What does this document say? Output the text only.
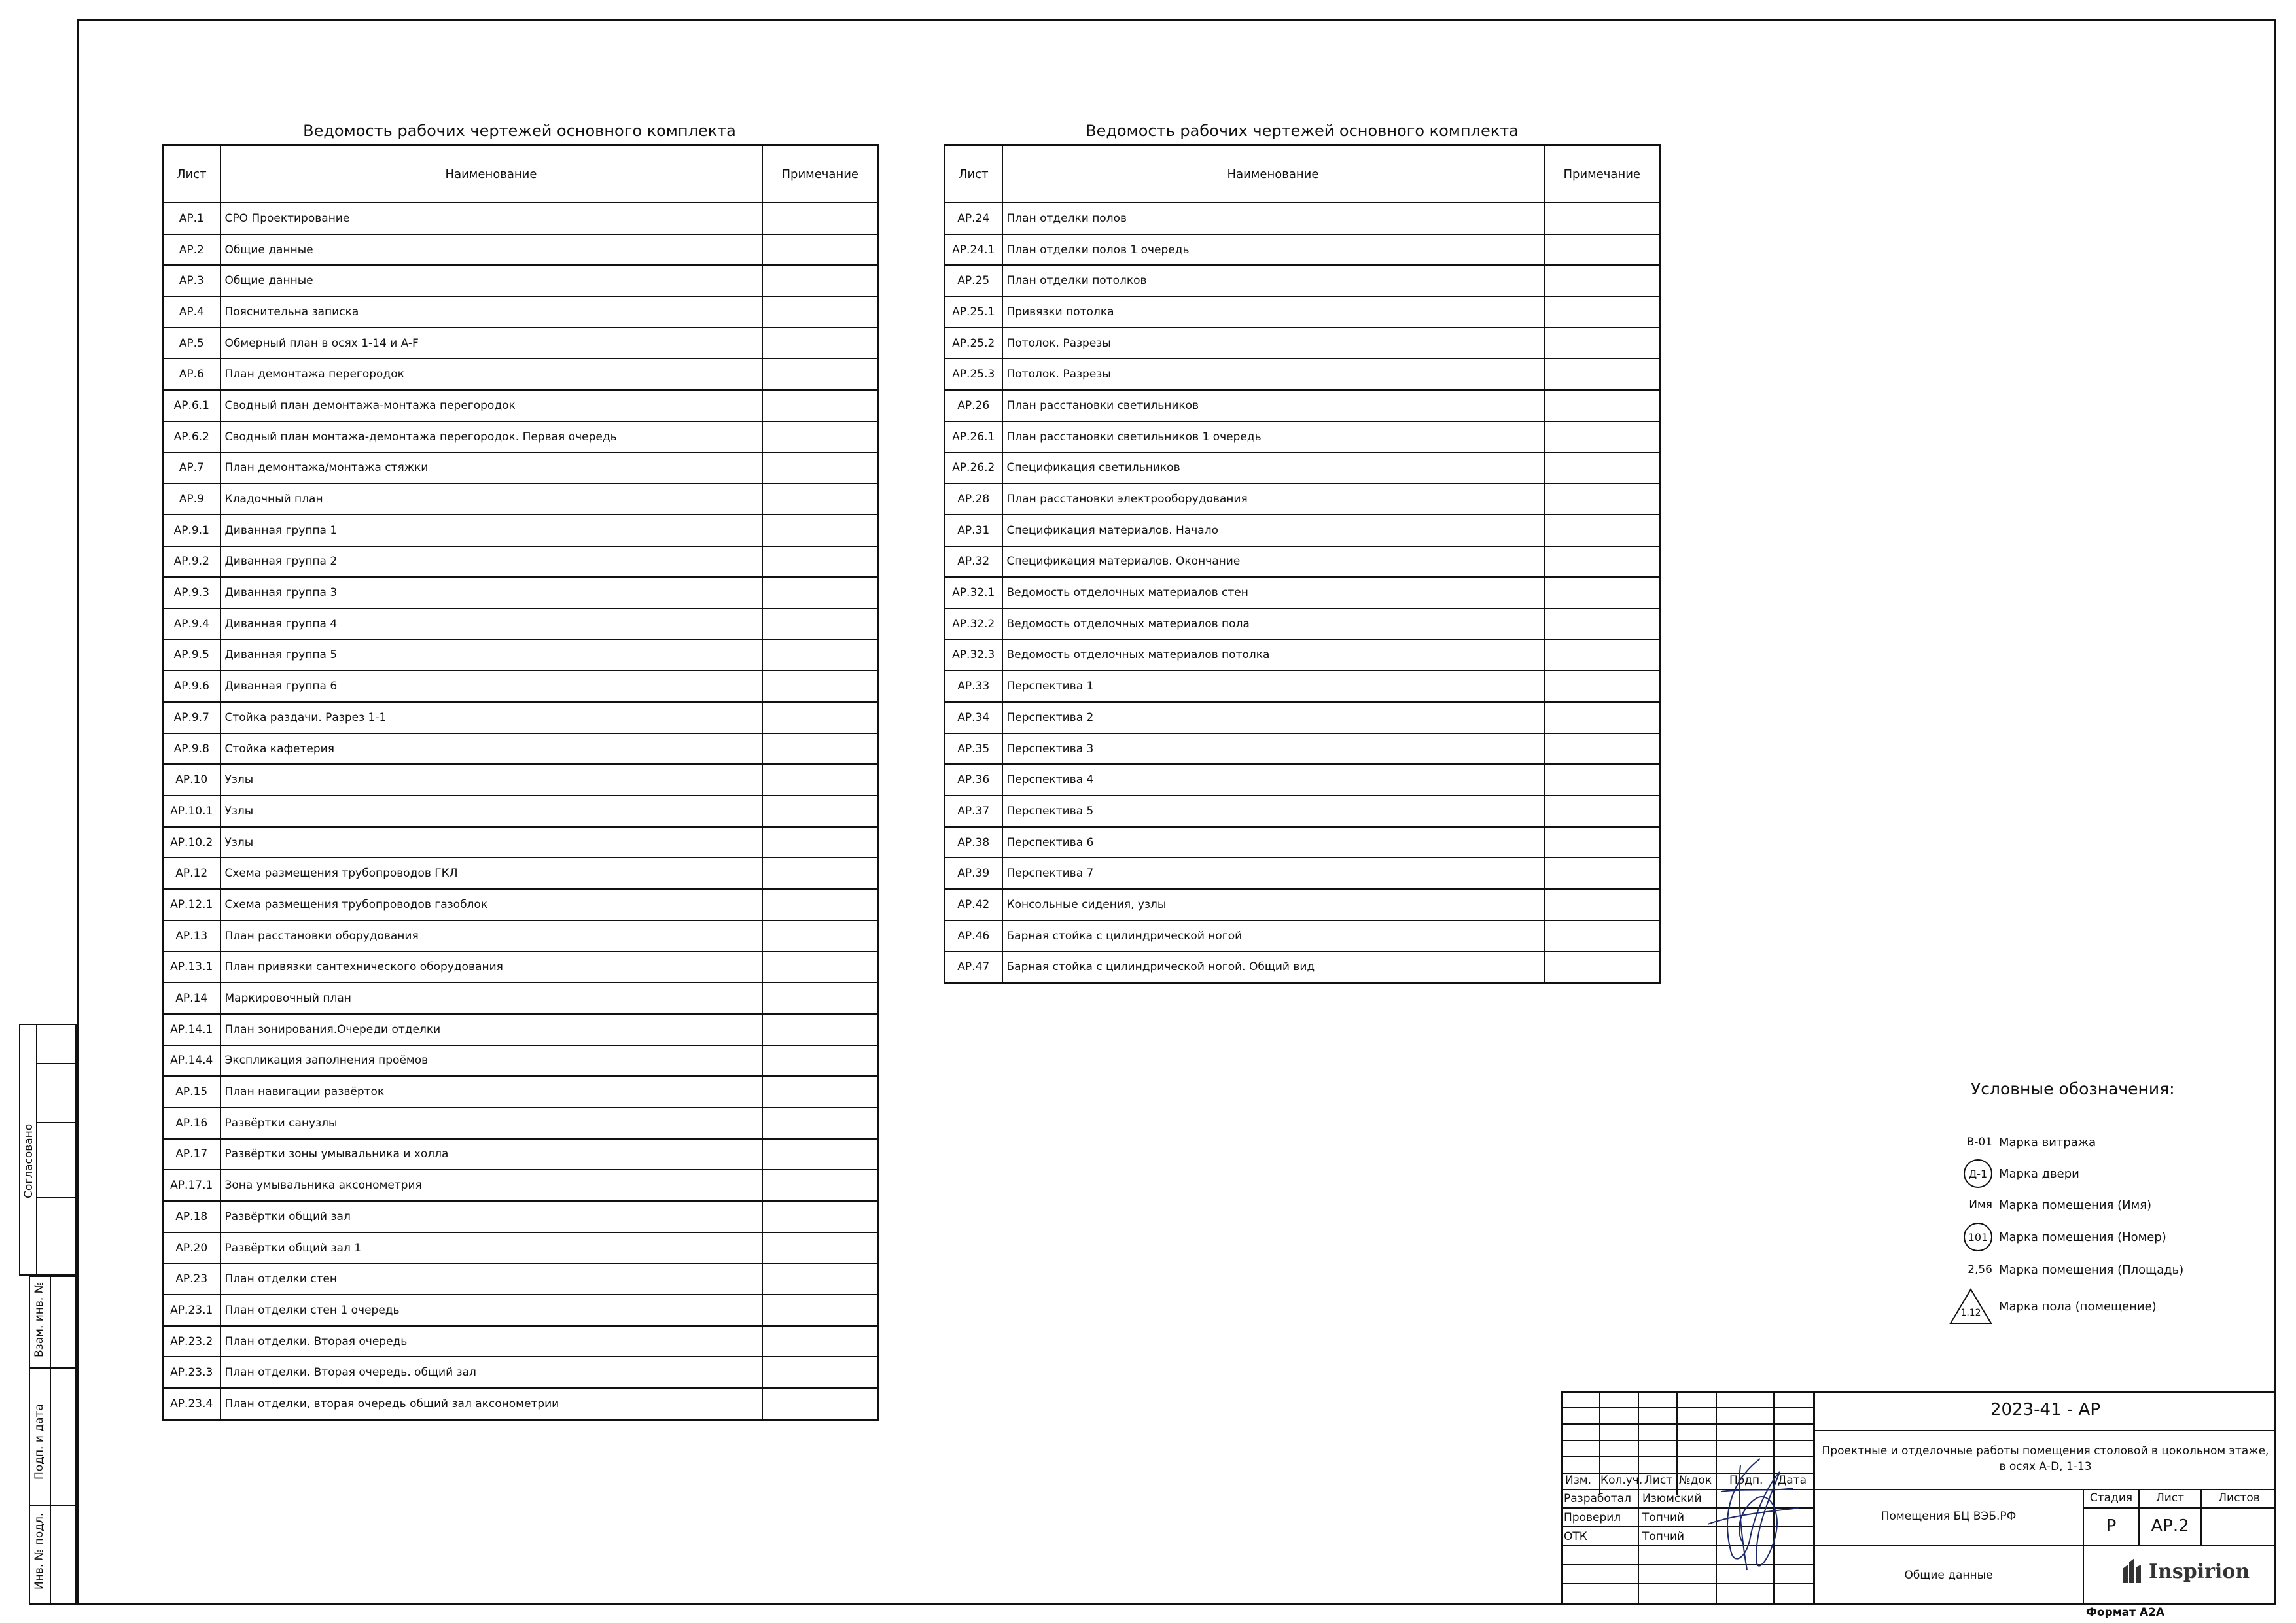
Ведомость рабочих чертежей основного комплекта
Лист	Наименование	Примечание
АР.1	СРО Проектирование	
АР.2	Общие данные	
АР.3	Общие данные	
АР.4	Пояснительна записка	
АР.5	Обмерный план в осях 1-14 и A-F	
АР.6	План демонтажа перегородок	
АР.6.1	Сводный план демонтажа-монтажа перегородок	
АР.6.2	Сводный план монтажа-демонтажа перегородок. Первая очередь	
АР.7	План демонтажа/монтажа стяжки	
АР.9	Кладочный план	
АР.9.1	Диванная группа 1	
АР.9.2	Диванная группа 2	
АР.9.3	Диванная группа 3	
АР.9.4	Диванная группа 4	
АР.9.5	Диванная группа 5	
АР.9.6	Диванная группа 6	
АР.9.7	Стойка раздачи. Разрез 1-1	
АР.9.8	Стойка кафетерия	
АР.10	Узлы	
АР.10.1	Узлы	
АР.10.2	Узлы	
АР.12	Схема размещения трубопроводов ГКЛ	
АР.12.1	Схема размещения трубопроводов газоблок	
АР.13	План расстановки оборудования	
АР.13.1	План привязки сантехнического оборудования	
АР.14	Маркировочный план	
АР.14.1	План зонирования.Очереди отделки	
АР.14.4	Экспликация заполнения проёмов	
АР.15	План навигации развёрток	
АР.16	Развёртки санузлы	
АР.17	Развёртки зоны умывальника и холла	
АР.17.1	Зона умывальника аксонометрия	
АР.18	Развёртки общий зал	
АР.20	Развёртки общий зал 1	
АР.23	План отделки стен	
АР.23.1	План отделки стен 1 очередь	
АР.23.2	План отделки. Вторая очередь	
АР.23.3	План отделки. Вторая очередь. общий зал	
АР.23.4	План отделки, вторая очередь общий зал аксонометрии	
Ведомость рабочих чертежей основного комплекта
Лист	Наименование	Примечание
АР.24	План отделки полов	
АР.24.1	План отделки полов 1 очередь	
АР.25	План отделки потолков	
АР.25.1	Привязки потолка	
АР.25.2	Потолок. Разрезы	
АР.25.3	Потолок. Разрезы	
АР.26	План расстановки светильников	
АР.26.1	План расстановки светильников 1 очередь	
АР.26.2	Спецификация светильников	
АР.28	План расстановки электрооборудования	
АР.31	Спецификация материалов. Начало	
АР.32	Спецификация материалов. Окончание	
АР.32.1	Ведомость отделочных материалов стен	
АР.32.2	Ведомость отделочных материалов пола	
АР.32.3	Ведомость отделочных материалов потолка	
АР.33	Перспектива 1	
АР.34	Перспектива 2	
АР.35	Перспектива 3	
АР.36	Перспектива 4	
АР.37	Перспектива 5	
АР.38	Перспектива 6	
АР.39	Перспектива 7	
АР.42	Консольные сидения, узлы	
АР.46	Барная стойка с цилиндрической ногой	
АР.47	Барная стойка с цилиндрической ногой. Общий вид	
Условные обозначения:
В-01 Марка витража
Д-1 Марка двери
Имя Марка помещения (Имя)
101 Марка помещения (Номер)
2,56 Марка помещения (Площадь)
1.12	Марка пола (помещение)
Согласовано
Взам. инв. №
Подп. и дата
Инв. № подл.
Изм. Кол.уч. Лист №док Подп. Дата
Разработал Изюмский
Проверил Топчий
ОТК	Топчий
2023-41 - АР
Проектные и отделочные работы помещения столовой в цокольном этаже, в осях А-D, 1-13
Помещения БЦ ВЭБ.РФ
Общие данные
Стадия	Лист	Листов
Р	АР.2
Inspirion
Формат А2А
